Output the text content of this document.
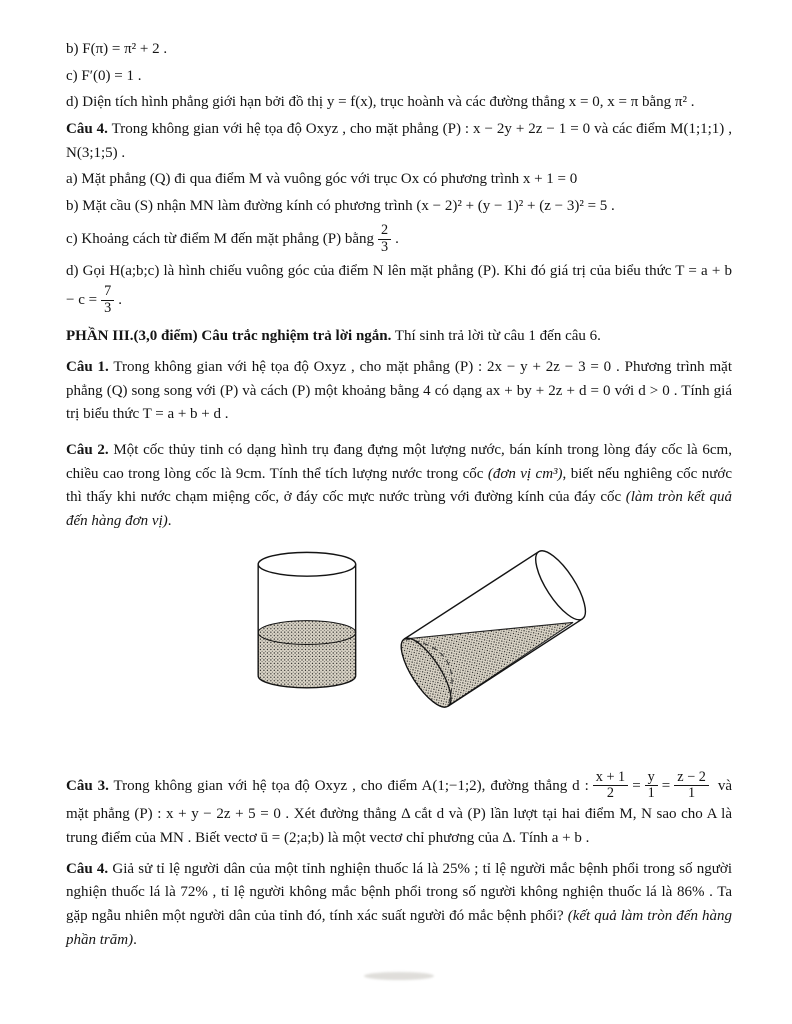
b) F(π) = π² + 2 .

c) F′(0) = 1 .

d) Diện tích hình phẳng giới hạn bởi đồ thị y = f(x), trục hoành và các đường thẳng x = 0, x = π bằng π² .

Câu 4. Trong không gian với hệ tọa độ Oxyz , cho mặt phẳng (P) : x − 2y + 2z − 1 = 0 và các điểm M(1;1;1) , N(3;1;5) .

a) Mặt phẳng (Q) đi qua điểm M và vuông góc với trục Ox có phương trình x + 1 = 0

b) Mặt cầu (S) nhận MN làm đường kính có phương trình (x − 2)² + (y − 1)² + (z − 3)² = 5 .

c) Khoảng cách từ điểm M đến mặt phẳng (P) bằng $\frac{2}{3}$ .

d) Gọi H(a;b;c) là hình chiếu vuông góc của điểm N lên mặt phẳng (P). Khi đó giá trị của biểu thức $T = a + b - c = \frac{7}{3}$ .

PHẦN III.(3,0 điểm) Câu trắc nghiệm trả lời ngắn. Thí sinh trả lời từ câu 1 đến câu 6.

Câu 1. Trong không gian với hệ tọa độ Oxyz , cho mặt phẳng (P) : 2x − y + 2z − 3 = 0 . Phương trình mặt phẳng (Q) song song với (P) và cách (P) một khoảng bằng 4 có dạng ax + by + 2z + d = 0 với d > 0 . Tính giá trị biểu thức T = a + b + d .

Câu 2. Một cốc thủy tinh có dạng hình trụ đang đựng một lượng nước, bán kính trong lòng đáy cốc là 6cm, chiều cao trong lòng cốc là 9cm. Tính thể tích lượng nước trong cốc (đơn vị cm³), biết nếu nghiêng cốc nước thì thấy khi nước chạm miệng cốc, ở đáy cốc mực nước trùng với đường kính của đáy cốc (làm tròn kết quả đến hàng đơn vị).

Câu 3. Trong không gian với hệ tọa độ Oxyz , cho điểm A(1;−1;2), đường thẳng d : $\frac{x + 1}{2} = \frac{y}{1} = \frac{z - 2}{1}$ và mặt phẳng (P) : x + y − 2z + 5 = 0 . Xét đường thẳng Δ cắt d và (P) lần lượt tại hai điểm M, N sao cho A là trung điểm của MN . Biết vectơ ū = (2;a;b) là một vectơ chỉ phương của Δ. Tính a + b .

Câu 4. Giả sử tỉ lệ người dân của một tỉnh nghiện thuốc lá là 25% ; tỉ lệ người mắc bệnh phổi trong số người nghiện thuốc lá là 72% , tỉ lệ người không mắc bệnh phổi trong số người không nghiện thuốc lá là 86% . Ta gặp ngẫu nhiên một người dân của tỉnh đó, tính xác suất người đó mắc bệnh phổi? (kết quả làm tròn đến hàng phần trăm).
